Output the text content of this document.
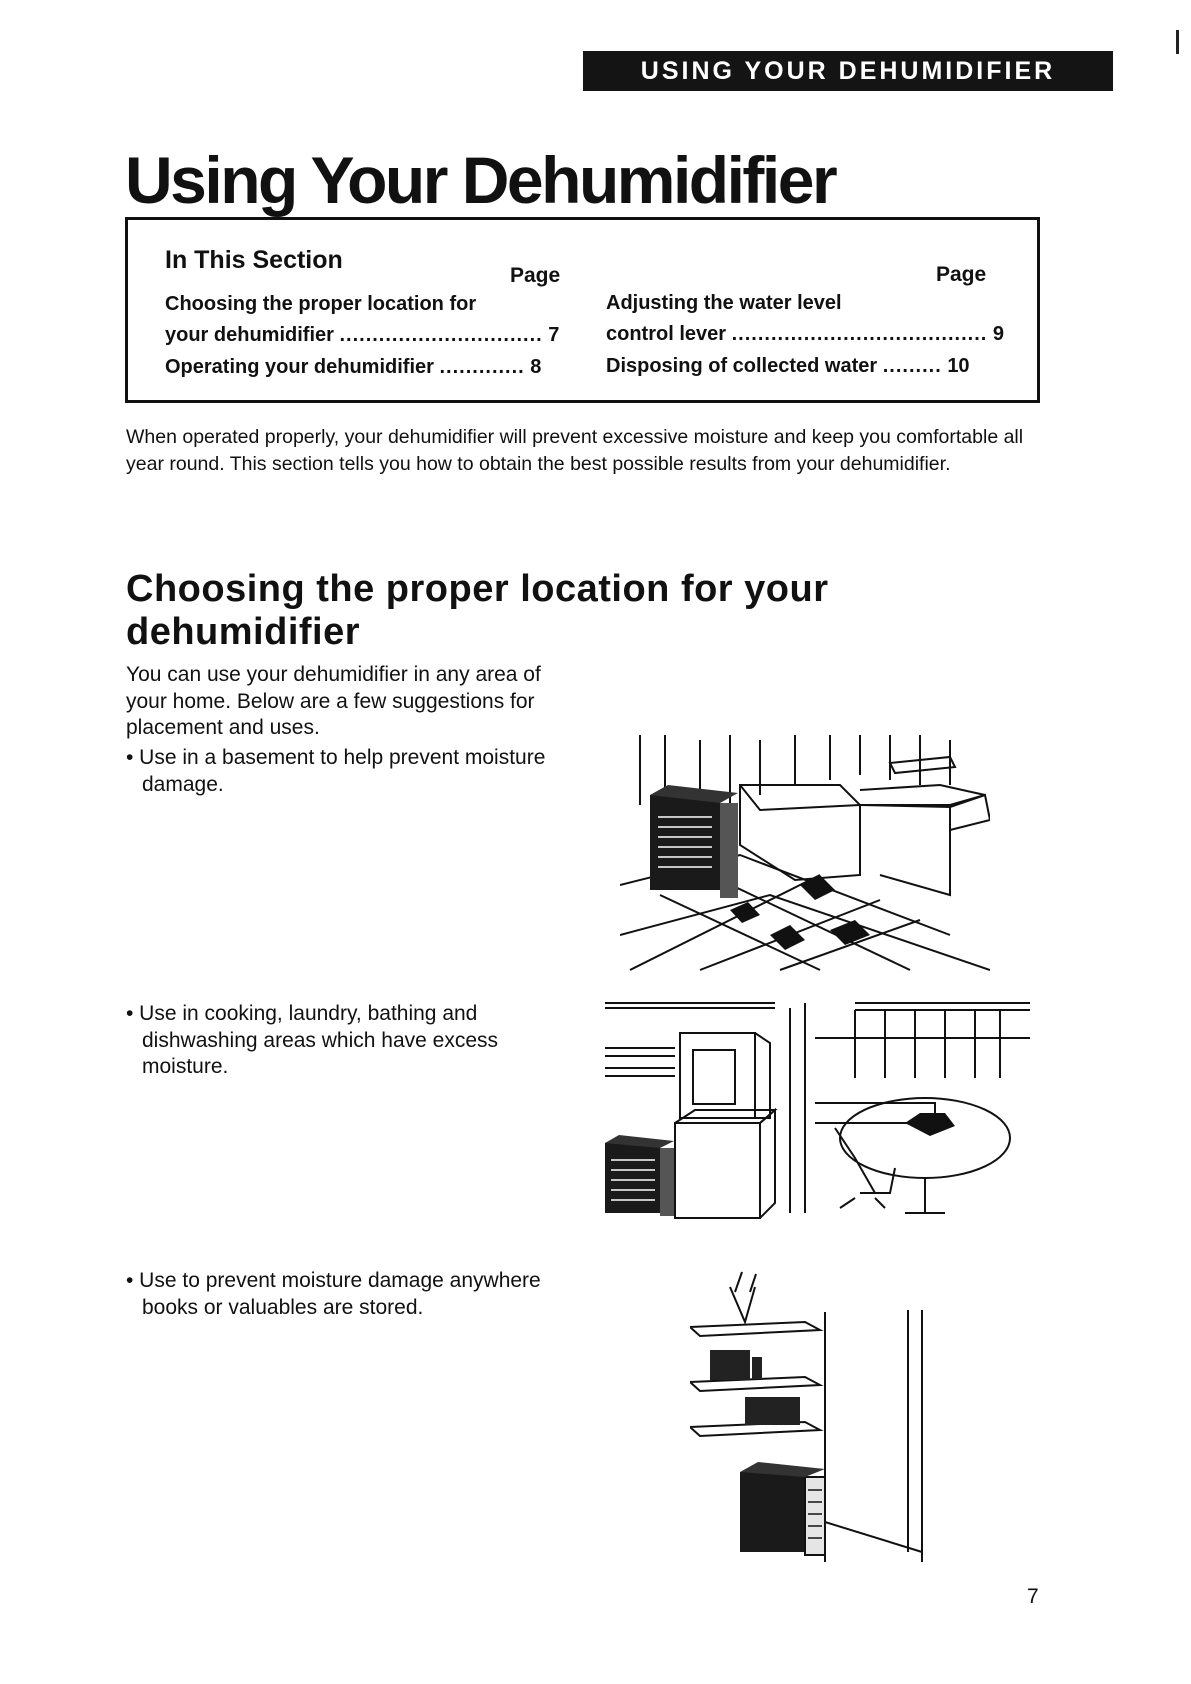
USING YOUR DEHUMIDIFIER
Using Your Dehumidifier
In This Section
Page	Page
Choosing the proper location for
your dehumidifier ............................... 7
Operating your dehumidifier ............. 8
Adjusting the water level
control lever ....................................... 9
Disposing of collected water ......... 10

When operated properly, your dehumidifier will prevent excessive moisture and keep you comfortable all year round. This section tells you how to obtain the best possible results from your dehumidifier.

Choosing the proper location for your dehumidifier

You can use your dehumidifier in any area of your home. Below are a few suggestions for placement and uses.

• Use in a basement to help prevent moisture damage.
• Use in cooking, laundry, bathing and dishwashing areas which have excess moisture.
• Use to prevent moisture damage anywhere books or valuables are stored.
7
